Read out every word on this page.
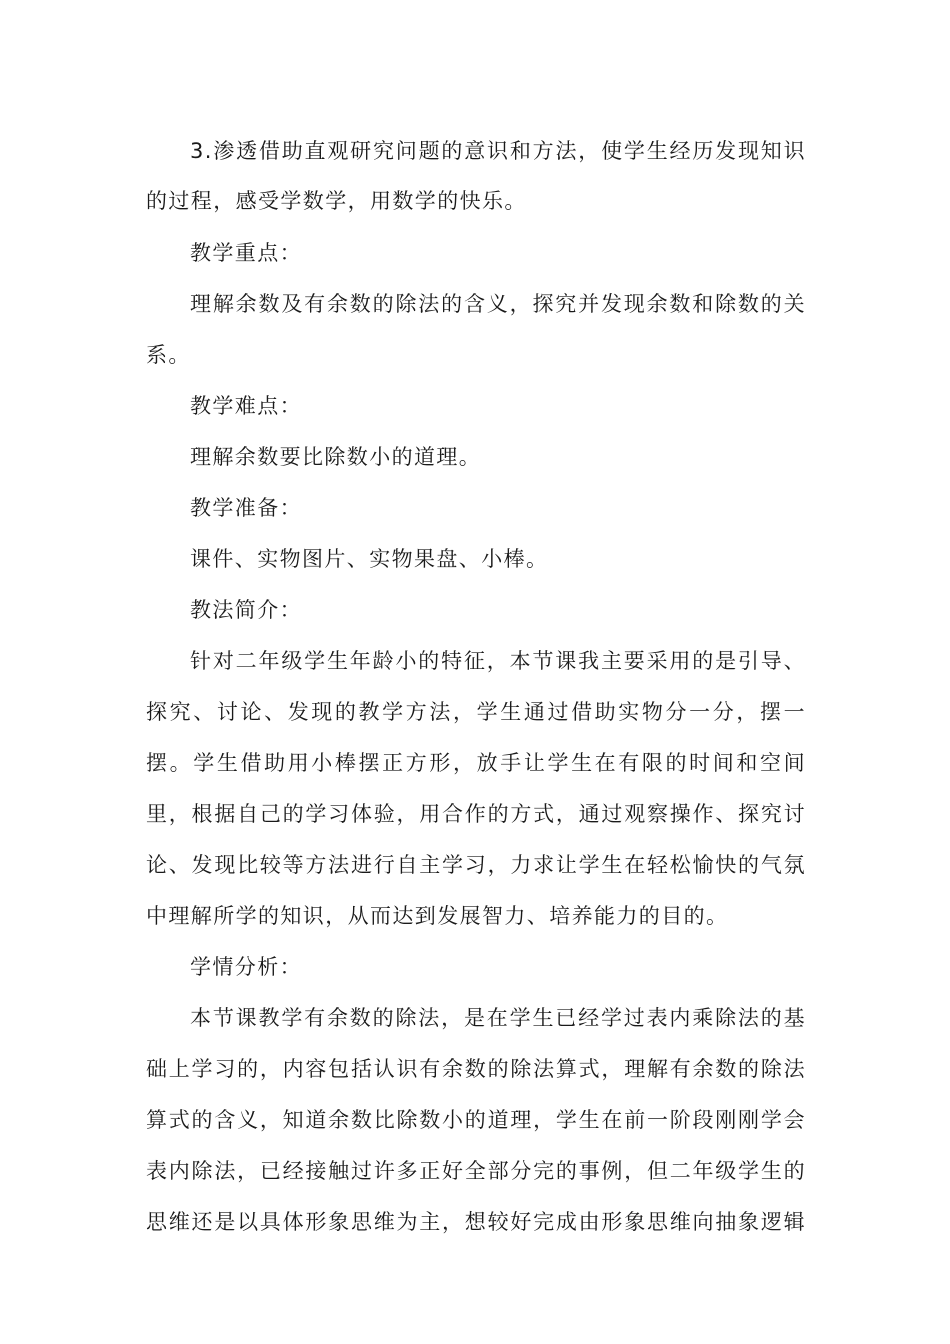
3.渗透借助直观研究问题的意识和方法，使学生经历发现知识
的过程，感受学数学，用数学的快乐。
教学重点：
理解余数及有余数的除法的含义，探究并发现余数和除数的关
系。
教学难点：
理解余数要比除数小的道理。
教学准备：
课件、实物图片、实物果盘、小棒。
教法简介：
针对二年级学生年龄小的特征，本节课我主要采用的是引导、
探究、讨论、发现的教学方法，学生通过借助实物分一分，摆一
摆。学生借助用小棒摆正方形，放手让学生在有限的时间和空间
里，根据自己的学习体验，用合作的方式，通过观察操作、探究讨
论、发现比较等方法进行自主学习，力求让学生在轻松愉快的气氛
中理解所学的知识，从而达到发展智力、培养能力的目的。
学情分析：
本节课教学有余数的除法，是在学生已经学过表内乘除法的基
础上学习的，内容包括认识有余数的除法算式，理解有余数的除法
算式的含义，知道余数比除数小的道理，学生在前一阶段刚刚学会
表内除法，已经接触过许多正好全部分完的事例，但二年级学生的
思维还是以具体形象思维为主，想较好完成由形象思维向抽象逻辑
